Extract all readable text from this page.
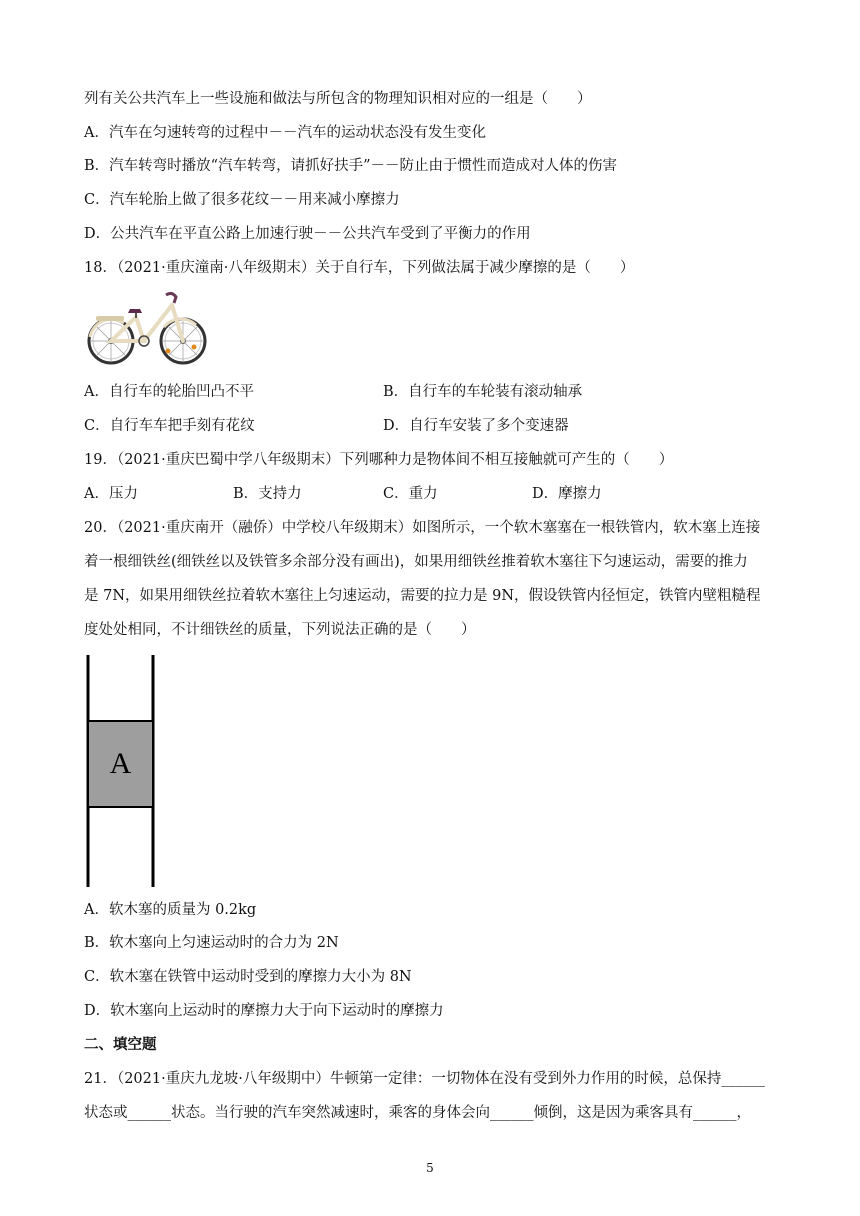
列有关公共汽车上一些设施和做法与所包含的物理知识相对应的一组是（　　）
A．汽车在匀速转弯的过程中－－汽车的运动状态没有发生变化
B．汽车转弯时播放“汽车转弯，请抓好扶手”－－防止由于惯性而造成对人体的伤害
C．汽车轮胎上做了很多花纹－－用来减小摩擦力
D．公共汽车在平直公路上加速行驶－－公共汽车受到了平衡力的作用
18．（2021·重庆潼南·八年级期末）关于自行车，下列做法属于减少摩擦的是（　　）
A．自行车的轮胎凹凸不平	B．自行车的车轮装有滚动轴承
C．自行车车把手刻有花纹	D．自行车安装了多个变速器
19．（2021·重庆巴蜀中学八年级期末）下列哪种力是物体间不相互接触就可产生的（　　）
A．压力	B．支持力	C．重力	D．摩擦力
20．（2021·重庆南开（融侨）中学校八年级期末）如图所示，一个软木塞塞在一根铁管内，软木塞上连接
着一根细铁丝(细铁丝以及铁管多余部分没有画出)，如果用细铁丝推着软木塞往下匀速运动，需要的推力
是 7N，如果用细铁丝拉着软木塞往上匀速运动，需要的拉力是 9N，假设铁管内径恒定，铁管内壁粗糙程
度处处相同，不计细铁丝的质量，下列说法正确的是（　　）
A
A．软木塞的质量为 0.2kg
B．软木塞向上匀速运动时的合力为 2N
C．软木塞在铁管中运动时受到的摩擦力大小为 8N
D．软木塞向上运动时的摩擦力大于向下运动时的摩擦力
二、填空题
21．（2021·重庆九龙坡·八年级期中）牛顿第一定律：一切物体在没有受到外力作用的时候，总保持______
状态或______状态。当行驶的汽车突然减速时，乘客的身体会向______倾倒，这是因为乘客具有______，
5
